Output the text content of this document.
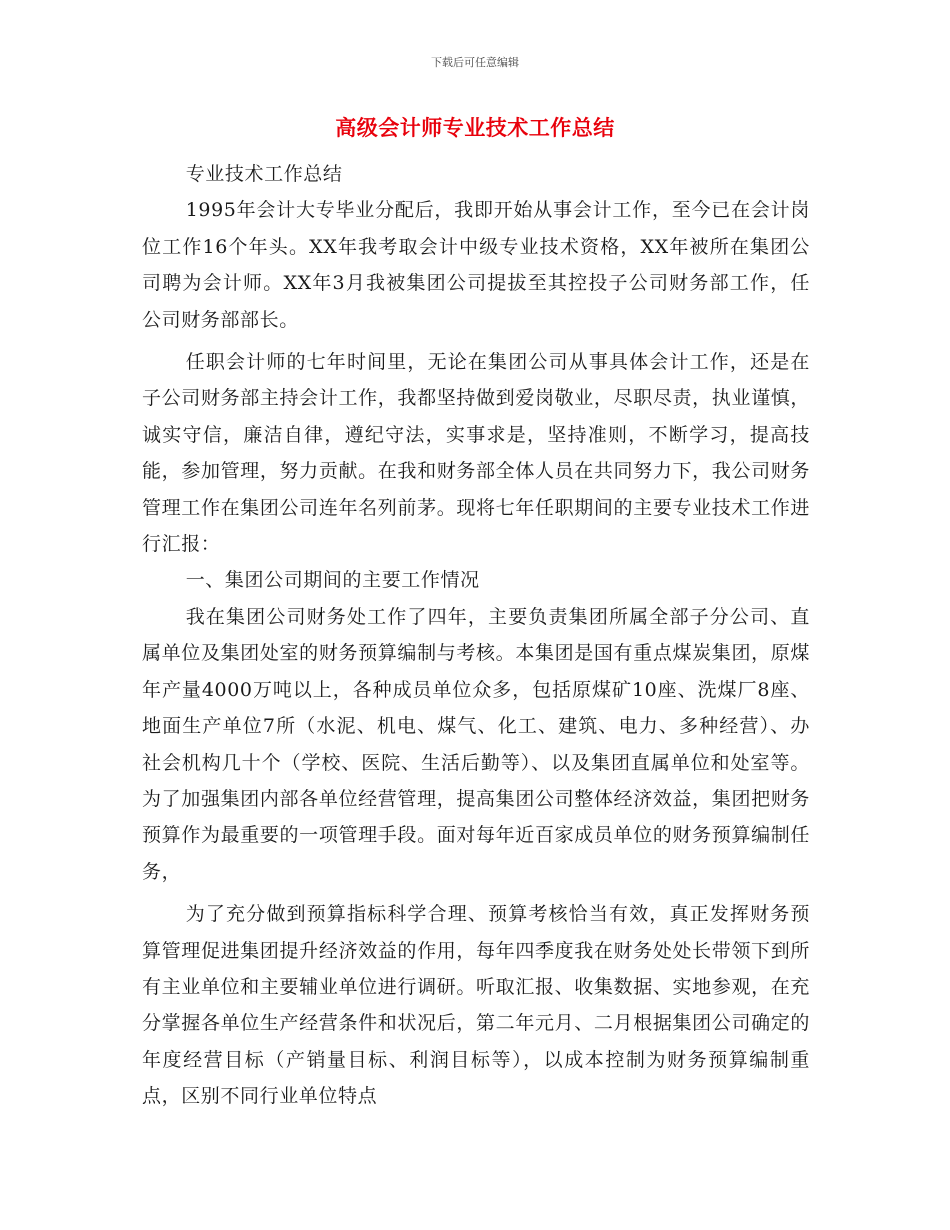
下载后可任意编辑
高级会计师专业技术工作总结

专业技术工作总结

1995年会计大专毕业分配后，我即开始从事会计工作，至今已在会计岗位工作16个年头。XX年我考取会计中级专业技术资格，XX年被所在集团公司聘为会计师。XX年3月我被集团公司提拔至其控投子公司财务部工作，任公司财务部部长。

任职会计师的七年时间里，无论在集团公司从事具体会计工作，还是在子公司财务部主持会计工作，我都坚持做到爱岗敬业，尽职尽责，执业谨慎，诚实守信，廉洁自律，遵纪守法，实事求是，坚持准则，不断学习，提高技能，参加管理，努力贡献。在我和财务部全体人员在共同努力下，我公司财务管理工作在集团公司连年名列前茅。现将七年任职期间的主要专业技术工作进行汇报：

一、集团公司期间的主要工作情况

我在集团公司财务处工作了四年，主要负责集团所属全部子分公司、直属单位及集团处室的财务预算编制与考核。本集团是国有重点煤炭集团，原煤年产量4000万吨以上，各种成员单位众多，包括原煤矿10座、洗煤厂8座、地面生产单位7所（水泥、机电、煤气、化工、建筑、电力、多种经营）、办社会机构几十个（学校、医院、生活后勤等）、以及集团直属单位和处室等。为了加强集团内部各单位经营管理，提高集团公司整体经济效益，集团把财务预算作为最重要的一项管理手段。面对每年近百家成员单位的财务预算编制任务，

为了充分做到预算指标科学合理、预算考核恰当有效，真正发挥财务预算管理促进集团提升经济效益的作用，每年四季度我在财务处处长带领下到所有主业单位和主要辅业单位进行调研。听取汇报、收集数据、实地参观，在充分掌握各单位生产经营条件和状况后，第二年元月、二月根据集团公司确定的年度经营目标（产销量目标、利润目标等），以成本控制为财务预算编制重点，区别不同行业单位特点
